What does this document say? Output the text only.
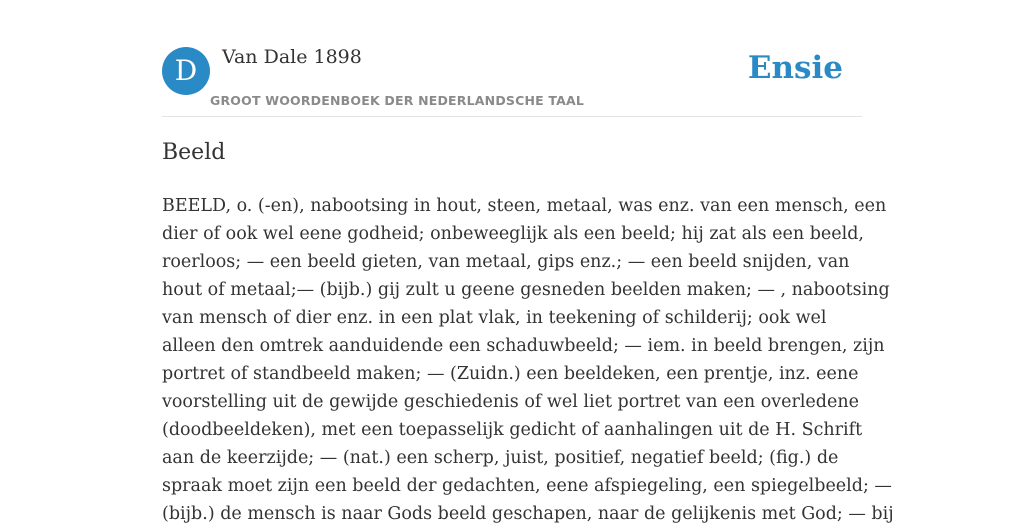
D	Van Dale 1898
GROOT WOORDENBOEK DER NEDERLANDSCHE TAAL
Ensie
Beeld
BEELD, o. (-en), nabootsing in hout, steen, metaal, was enz. van een mensch, een
dier of ook wel eene godheid; onbeweeglijk als een beeld; hij zat als een beeld,
roerloos; — een beeld gieten, van metaal, gips enz.; — een beeld snijden, van
hout of metaal;— (bijb.) gij zult u geene gesneden beelden maken; — , nabootsing
van mensch of dier enz. in een plat vlak, in teekening of schilderij; ook wel
alleen den omtrek aanduidende een schaduwbeeld; — iem. in beeld brengen, zijn
portret of standbeeld maken; — (Zuidn.) een beeldeken, een prentje, inz. eene
voorstelling uit de gewijde geschiedenis of wel liet portret van een overledene
(doodbeeldeken), met een toepasselijk gedicht of aanhalingen uit de H. Schrift
aan de keerzijde; — (nat.) een scherp, juist, positief, negatief beeld; (fig.) de
spraak moet zijn een beeld der gedachten, eene afspiegeling, een spiegelbeeld; —
(bijb.) de mensch is naar Gods beeld geschapen, naar de gelijkenis met God; — bij
